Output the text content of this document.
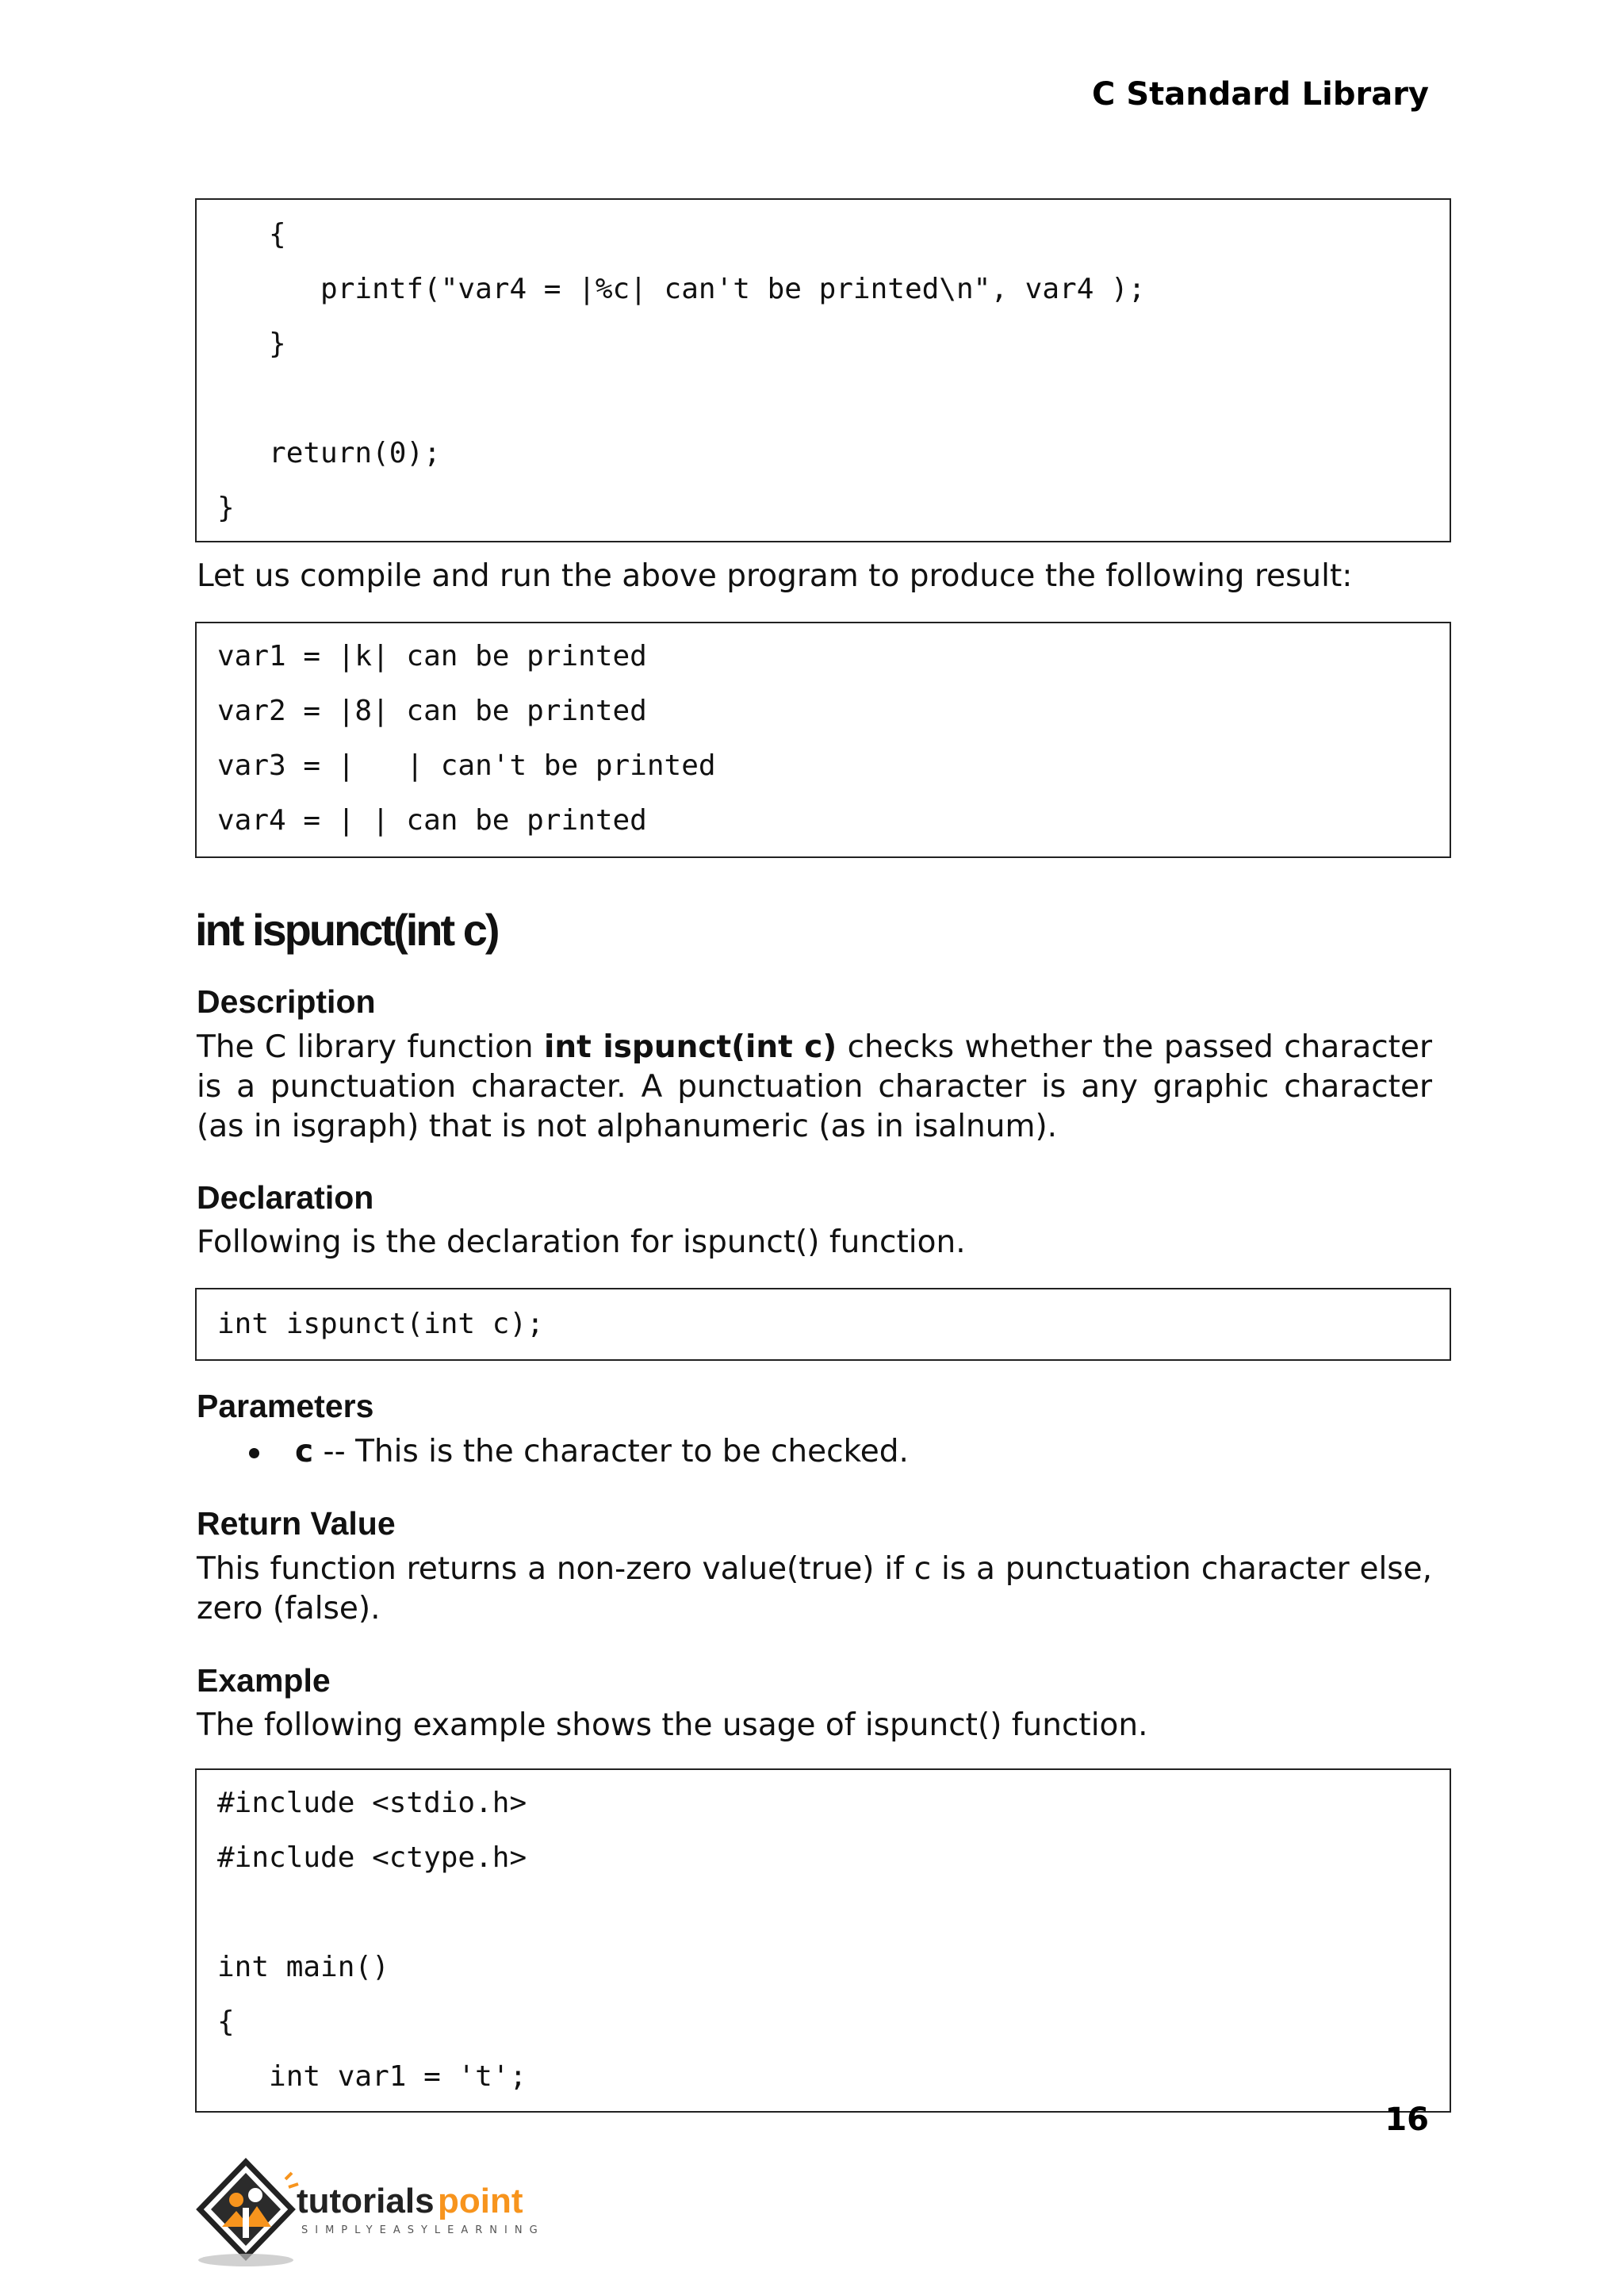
C Standard Library
{
printf("var4 = |%c| can't be printed\n", var4 );
}
return(0);
}
Let us compile and run the above program to produce the following result:
var1 = |k| can be printed
var2 = |8| can be printed
var3 = |   | can't be printed
var4 = | | can be printed
int ispunct(int c)
Description
The C library function int ispunct(int c) checks whether the passed character is a punctuation character. A punctuation character is any graphic character (as in isgraph) that is not alphanumeric (as in isalnum).
Declaration
Following is the declaration for ispunct() function.
int ispunct(int c);
Parameters
c -- This is the character to be checked.
Return Value
This function returns a non-zero value(true) if c is a punctuation character else, zero (false).
Example
The following example shows the usage of ispunct() function.
#include <stdio.h>
#include <ctype.h>
int main()
{
int var1 = 't';
16
tutorials point
SIMPLYEASYLEARNING
